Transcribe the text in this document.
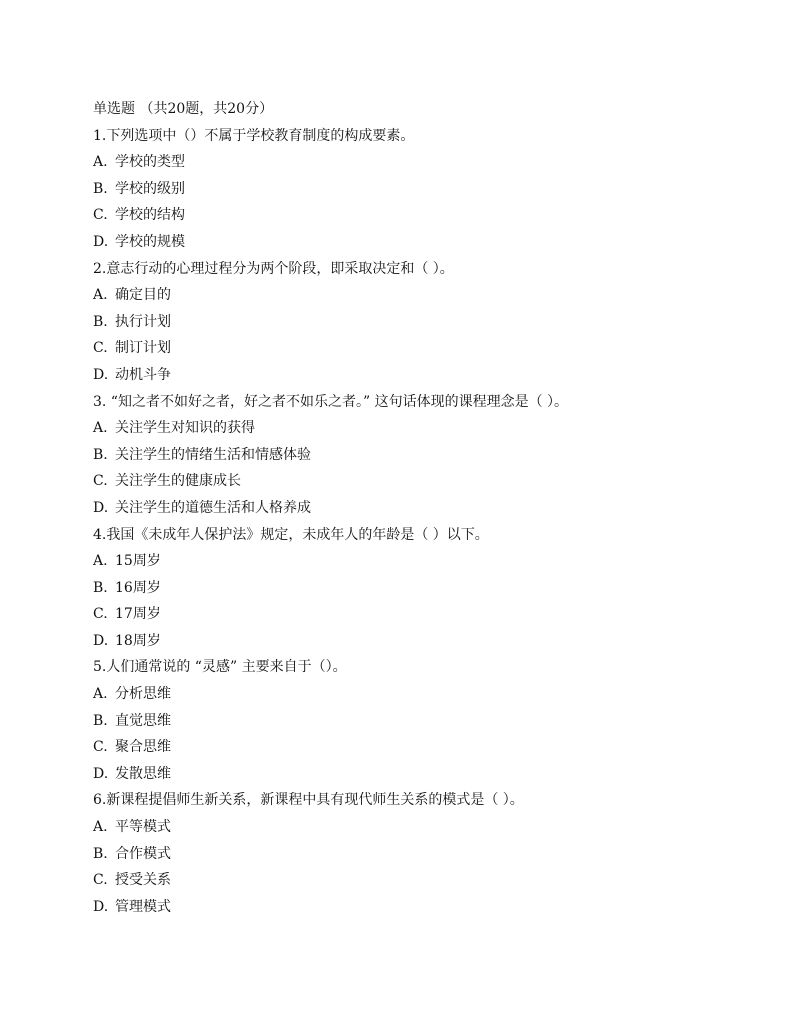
单选题 （共20题，共20分）
1.下列选项中（）不属于学校教育制度的构成要素。
A. 学校的类型
B. 学校的级别
C. 学校的结构
D. 学校的规模
2.意志行动的心理过程分为两个阶段，即采取决定和（ ）。
A. 确定目的
B. 执行计划
C. 制订计划
D. 动机斗争
3. “知之者不如好之者，好之者不如乐之者。” 这句话体现的课程理念是（ ）。
A. 关注学生对知识的获得
B. 关注学生的情绪生活和情感体验
C. 关注学生的健康成长
D. 关注学生的道德生活和人格养成
4.我国《未成年人保护法》规定，未成年人的年龄是（ ）以下。
A. 15周岁
B. 16周岁
C. 17周岁
D. 18周岁
5.人们通常说的 “灵感” 主要来自于（）。
A. 分析思维
B. 直觉思维
C. 聚合思维
D. 发散思维
6.新课程提倡师生新关系，新课程中具有现代师生关系的模式是（ ）。
A. 平等模式
B. 合作模式
C. 授受关系
D. 管理模式
